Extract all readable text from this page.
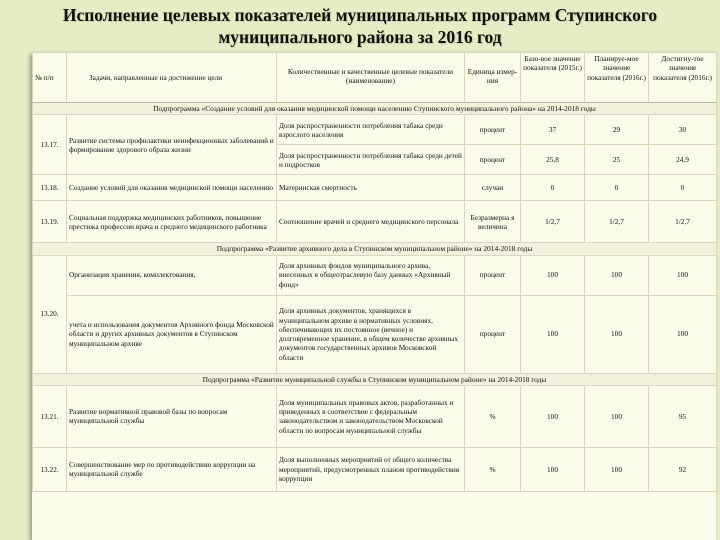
Исполнение целевых показателей муниципальных программ Ступинского муниципального района за 2016 год
№ п/п	Задачи, направленные на достижение цели	Количественные и качественные целевые показатели (наименование)	Единица измер-ния	Базо-вое значение показателя (2015г.)	Планируе-мое значение показателя (2016г.)	Достигну-тое значение показателя (2016г.)
Подпрограмма «Создание условий для оказания медицинской помощи населению Ступинского муниципального района» на 2014-2018 годы						
13.17.	Развитие системы профилактики неинфекционных заболеваний и формирование здорового образа жизни	Доля распространенности потребления табака среди взрослого населения	процент	37	29	30
		Доля распространенности потребления табака среди детей и подростков	процент	25,8	25	24,9
13.18.	Создание условий для оказания медицинской помощи населению	Материнская смертность	случаи	0	0	0
13.19.	Социальная поддержка медицинских работников, повышение престижа профессии врача и среднего медицинского работника	Соотношение врачей и среднего медицинского персонала	Безразмерна я величина	1/2,7	1/2,7	1/2,7
Подпрограмма «Развитие архивного дела в Ступинском муниципальном районе» на 2014-2018 годы						
13.20.	Организация хранения, комплектования,	Доля архивных фондов муниципального архива, внесенных в общеотраслевую базу данных «Архивный фонд»	процент	100	100	100
	учета и использования документов Архивного фонда Московской области и других архивных документов в Ступинском муниципальном архиве	Доля архивных документов, хранящихся в муниципальном архиве в нормативных условиях, обеспечивающих их постоянное (вечное) и долговременное хранение, в общем количестве архивных документов государственных архивов Московской области	процент	100	100	100
Подпрограмма «Развитие муниципальной службы в Ступинском муниципальном районе» на 2014-2018 годы						
13.21.	Развитие нормативной правовой базы по вопросам муниципальной службы	Доля муниципальных правовых актов, разработанных и приведенных в соответствие с федеральным законодательством и законодательством Московской области по вопросам муниципальной службы	%	100	100	95
13.22.	Совершенствование мер по противодействию коррупции на муниципальной службе	Доля выполненных мероприятий от общего количества мероприятий, предусмотренных планом противодействия коррупции	%	100	100	92
